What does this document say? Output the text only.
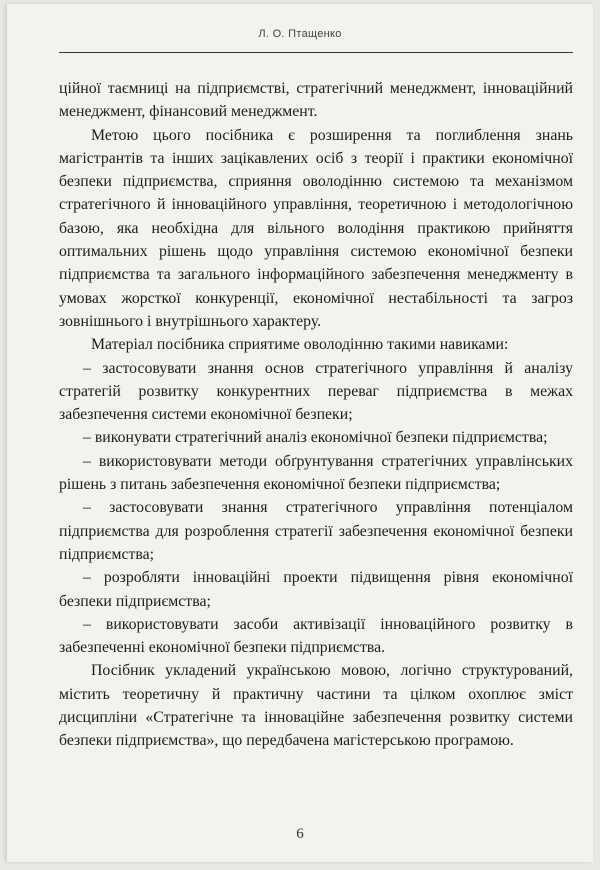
Л. О. Птащенко

ційної таємниці на підприємстві, стратегічний менеджмент, інноваційний менеджмент, фінансовий менеджмент.

Метою цього посібника є розширення та поглиблення знань магістрантів та інших зацікавлених осіб з теорії і практики економічної безпеки підприємства, сприяння оволодінню системою та механізмом стратегічного й інноваційного управління, теоретичною і методологічною базою, яка необхідна для вільного володіння практикою прийняття оптимальних рішень щодо управління системою економічної безпеки підприємства та загального інформаційного забезпечення менеджменту в умовах жорсткої конкуренції, економічної нестабільності та загроз зовнішнього і внутрішнього характеру.

Матеріал посібника сприятиме оволодінню такими навиками:

– застосовувати знання основ стратегічного управління й аналізу стратегій розвитку конкурентних переваг підприємства в межах забезпечення системи економічної безпеки;

– виконувати стратегічний аналіз економічної безпеки підприємства;

– використовувати методи обґрунтування стратегічних управлінських рішень з питань забезпечення економічної безпеки підприємства;

– застосовувати знання стратегічного управління потенціалом підприємства для розроблення стратегії забезпечення економічної безпеки підприємства;

– розробляти інноваційні проекти підвищення рівня економічної безпеки підприємства;

– використовувати засоби активізації інноваційного розвитку в забезпеченні економічної безпеки підприємства.

Посібник укладений українською мовою, логічно структурований, містить теоретичну й практичну частини та цілком охоплює зміст дисципліни «Стратегічне та інноваційне забезпечення розвитку системи безпеки підприємства», що передбачена магістерською програмою.

6
